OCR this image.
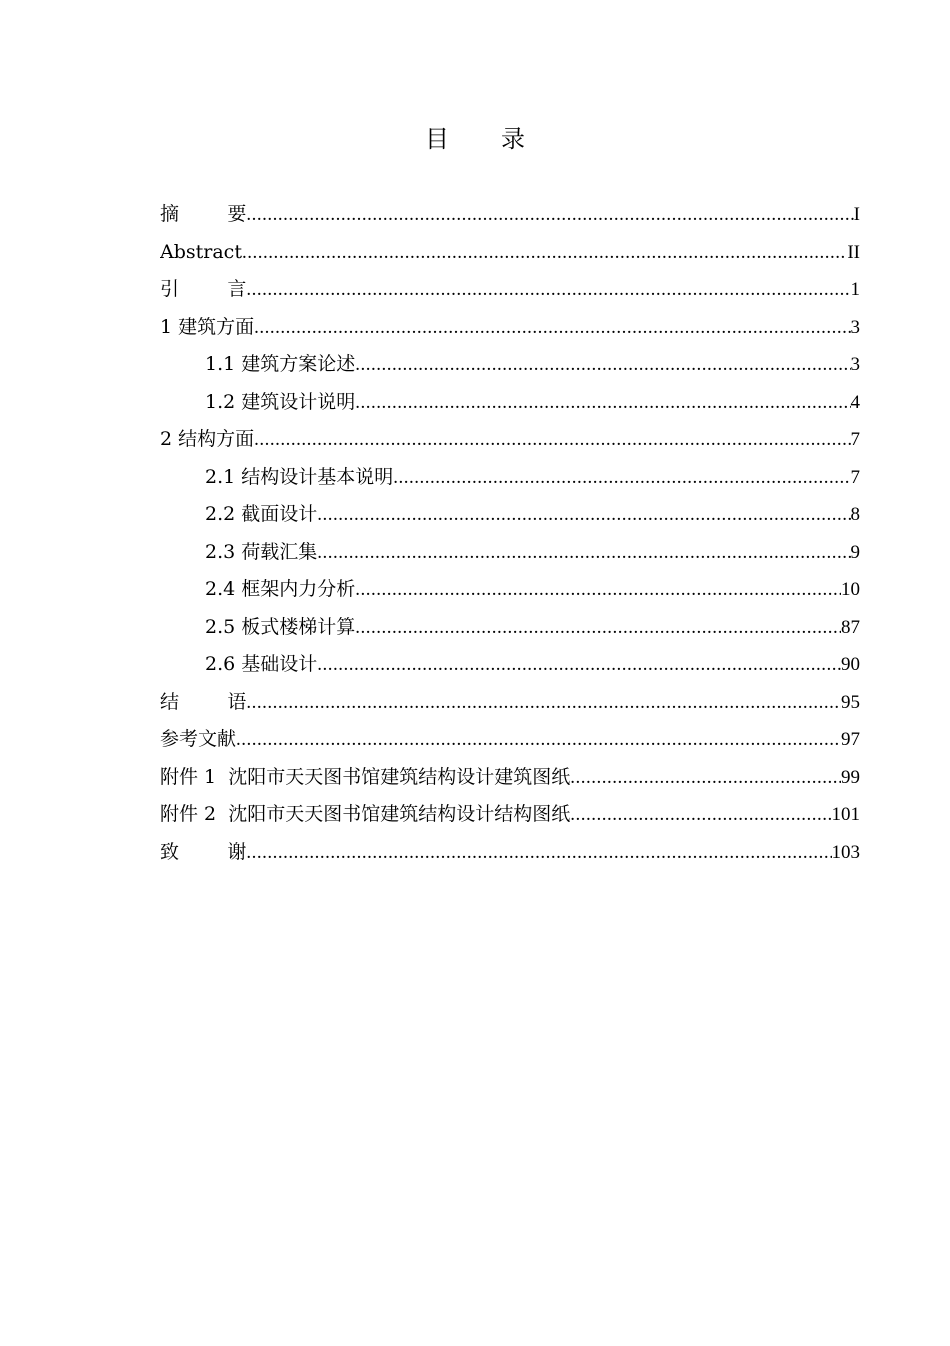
目 录
摘        要 .....	I
Abstract .....	II
引        言 .....	1
1 建筑方面 .....	3
1.1 建筑方案论述 .....	3
1.2 建筑设计说明 .....	4
2 结构方面 .....	7
2.1 结构设计基本说明 .....	7
2.2 截面设计 .....	8
2.3 荷载汇集 .....	9
2.4 框架内力分析 .....	10
2.5 板式楼梯计算 .....	87
2.6 基础设计 .....	90
结        语 .....	95
参考文献 .....	97
附件 1  沈阳市天天图书馆建筑结构设计建筑图纸 .....	99
附件 2  沈阳市天天图书馆建筑结构设计结构图纸 .....	101
致        谢 .....	103
